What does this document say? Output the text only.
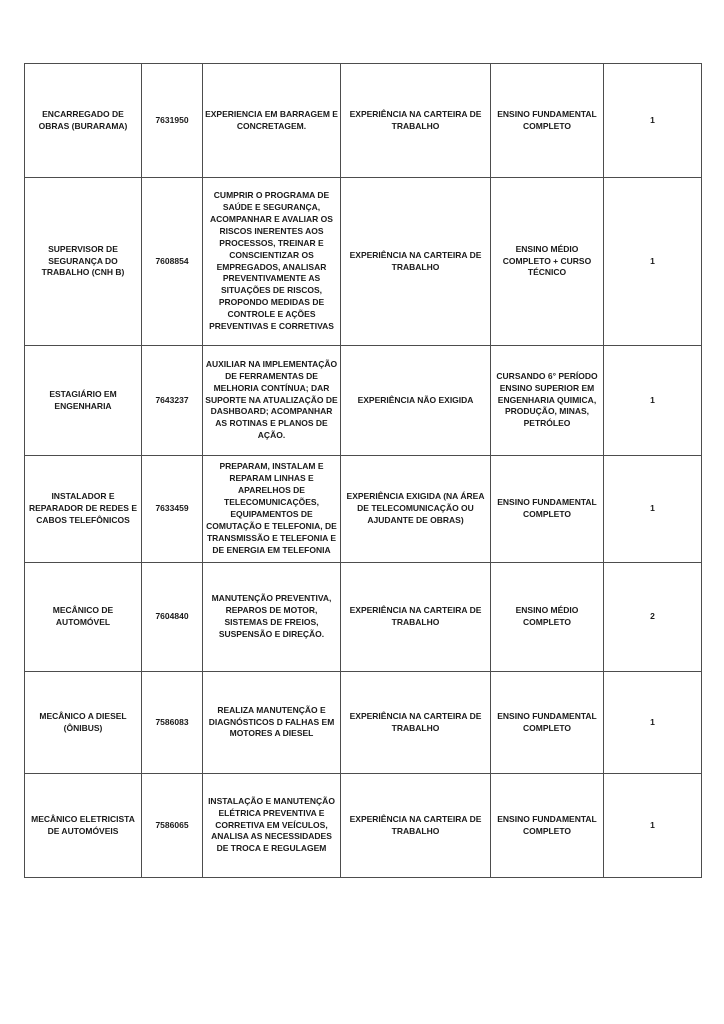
ENCARREGADO DE OBRAS (BURARAMA)	7631950	EXPERIENCIA EM BARRAGEM E CONCRETAGEM.	EXPERIÊNCIA NA CARTEIRA DE TRABALHO	ENSINO FUNDAMENTAL COMPLETO	1
SUPERVISOR DE SEGURANÇA DO TRABALHO (CNH B)	7608854	CUMPRIR O PROGRAMA DE SAÚDE E SEGURANÇA, ACOMPANHAR E AVALIAR OS RISCOS INERENTES AOS PROCESSOS, TREINAR E CONSCIENTIZAR OS EMPREGADOS, ANALISAR PREVENTIVAMENTE AS SITUAÇÕES DE RISCOS, PROPONDO MEDIDAS DE CONTROLE E AÇÕES PREVENTIVAS E CORRETIVAS	EXPERIÊNCIA NA CARTEIRA DE TRABALHO	ENSINO MÉDIO COMPLETO + CURSO TÉCNICO	1
ESTAGIÁRIO EM ENGENHARIA	7643237	AUXILIAR NA IMPLEMENTAÇÃO DE FERRAMENTAS DE MELHORIA CONTÍNUA; DAR SUPORTE NA ATUALIZAÇÃO DE DASHBOARD; ACOMPANHAR AS ROTINAS E PLANOS DE AÇÃO.	EXPERIÊNCIA NÃO EXIGIDA	CURSANDO 6° PERÍODO ENSINO SUPERIOR EM ENGENHARIA QUIMICA, PRODUÇÃO, MINAS, PETRÓLEO	1
INSTALADOR E REPARADOR DE REDES E CABOS TELEFÔNICOS	7633459	PREPARAM, INSTALAM E REPARAM LINHAS E APARELHOS DE TELECOMUNICAÇÕES, EQUIPAMENTOS DE COMUTAÇÃO E TELEFONIA, DE TRANSMISSÃO E TELEFONIA E DE ENERGIA EM TELEFONIA	EXPERIÊNCIA EXIGIDA (NA ÁREA DE TELECOMUNICAÇÃO OU AJUDANTE DE OBRAS)	ENSINO FUNDAMENTAL COMPLETO	1
MECÂNICO DE AUTOMÓVEL	7604840	MANUTENÇÃO PREVENTIVA, REPAROS DE MOTOR, SISTEMAS DE FREIOS, SUSPENSÃO E DIREÇÃO.	EXPERIÊNCIA NA CARTEIRA DE TRABALHO	ENSINO MÉDIO COMPLETO	2
MECÂNICO A DIESEL (ÔNIBUS)	7586083	REALIZA MANUTENÇÃO E DIAGNÓSTICOS D FALHAS EM MOTORES A DIESEL	EXPERIÊNCIA NA CARTEIRA DE TRABALHO	ENSINO FUNDAMENTAL COMPLETO	1
MECÂNICO ELETRICISTA DE AUTOMÓVEIS	7586065	INSTALAÇÃO E MANUTENÇÃO ELÉTRICA PREVENTIVA E CORRETIVA EM VEÍCULOS, ANALISA AS NECESSIDADES DE TROCA E REGULAGEM	EXPERIÊNCIA NA CARTEIRA DE TRABALHO	ENSINO FUNDAMENTAL COMPLETO	1
